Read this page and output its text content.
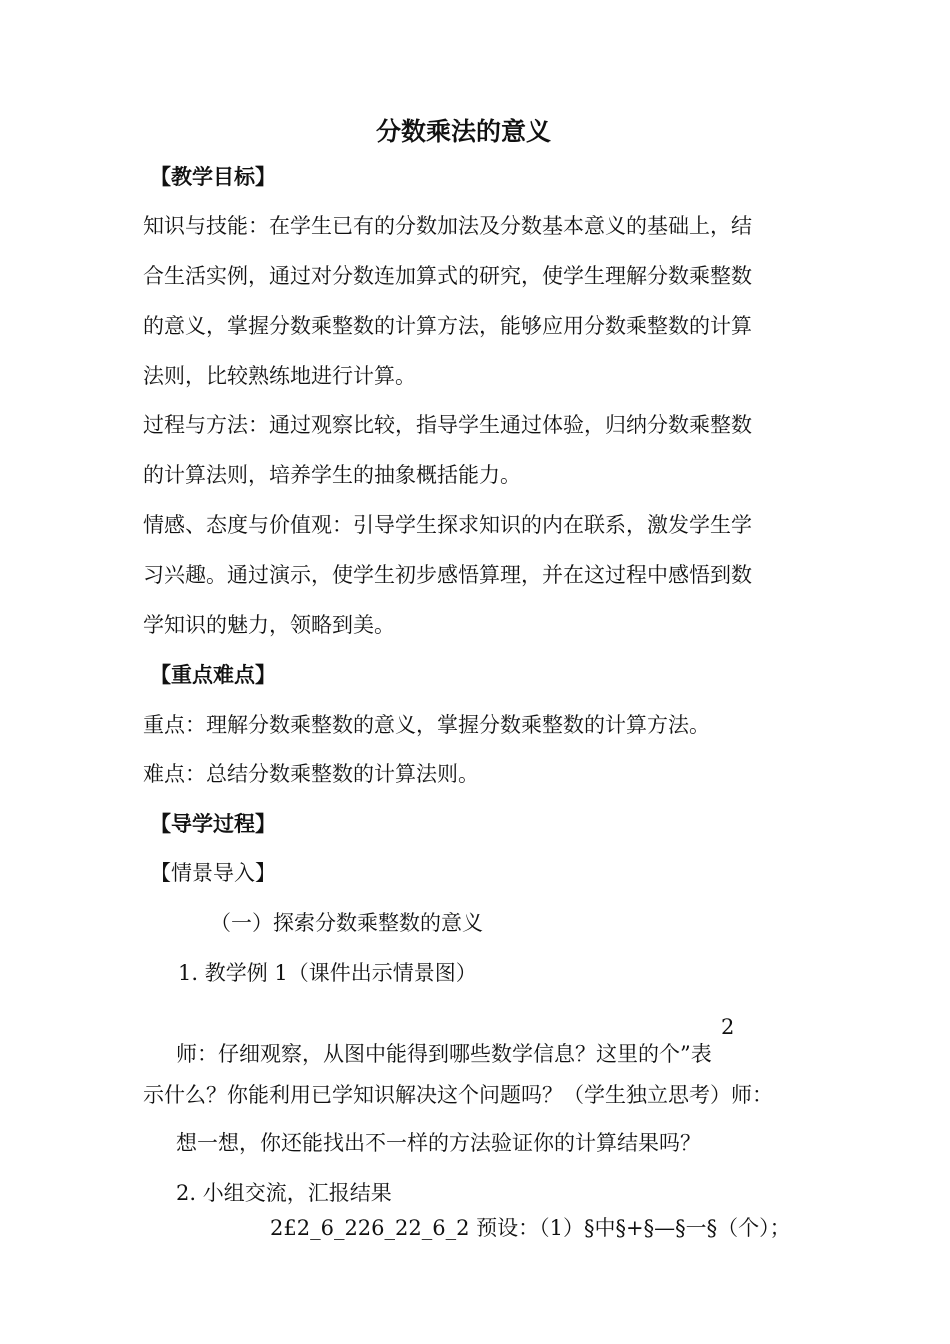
分数乘法的意义
【教学目标】
知识与技能：在学生已有的分数加法及分数基本意义的基础上，结
合生活实例，通过对分数连加算式的研究，使学生理解分数乘整数
的意义，掌握分数乘整数的计算方法，能够应用分数乘整数的计算
法则，比较熟练地进行计算。
过程与方法：通过观察比较，指导学生通过体验，归纳分数乘整数
的计算法则，培养学生的抽象概括能力。
情感、态度与价值观：引导学生探求知识的内在联系，激发学生学
习兴趣。通过演示，使学生初步感悟算理，并在这过程中感悟到数
学知识的魅力，领略到美。
【重点难点】
重点：理解分数乘整数的意义，掌握分数乘整数的计算方法。
难点：总结分数乘整数的计算法则。
【导学过程】
【情景导入】
（一）探索分数乘整数的意义
1. 教学例 1（课件出示情景图）
2
师：仔细观察，从图中能得到哪些数学信息？这里的个”表
示什么？你能利用已学知识解决这个问题吗？（学生独立思考）师：
想一想，你还能找出不一样的方法验证你的计算结果吗？
2. 小组交流，汇报结果
2£2_6_226_22_6_2 预设：（1）§中§+§—§一§（个）；
